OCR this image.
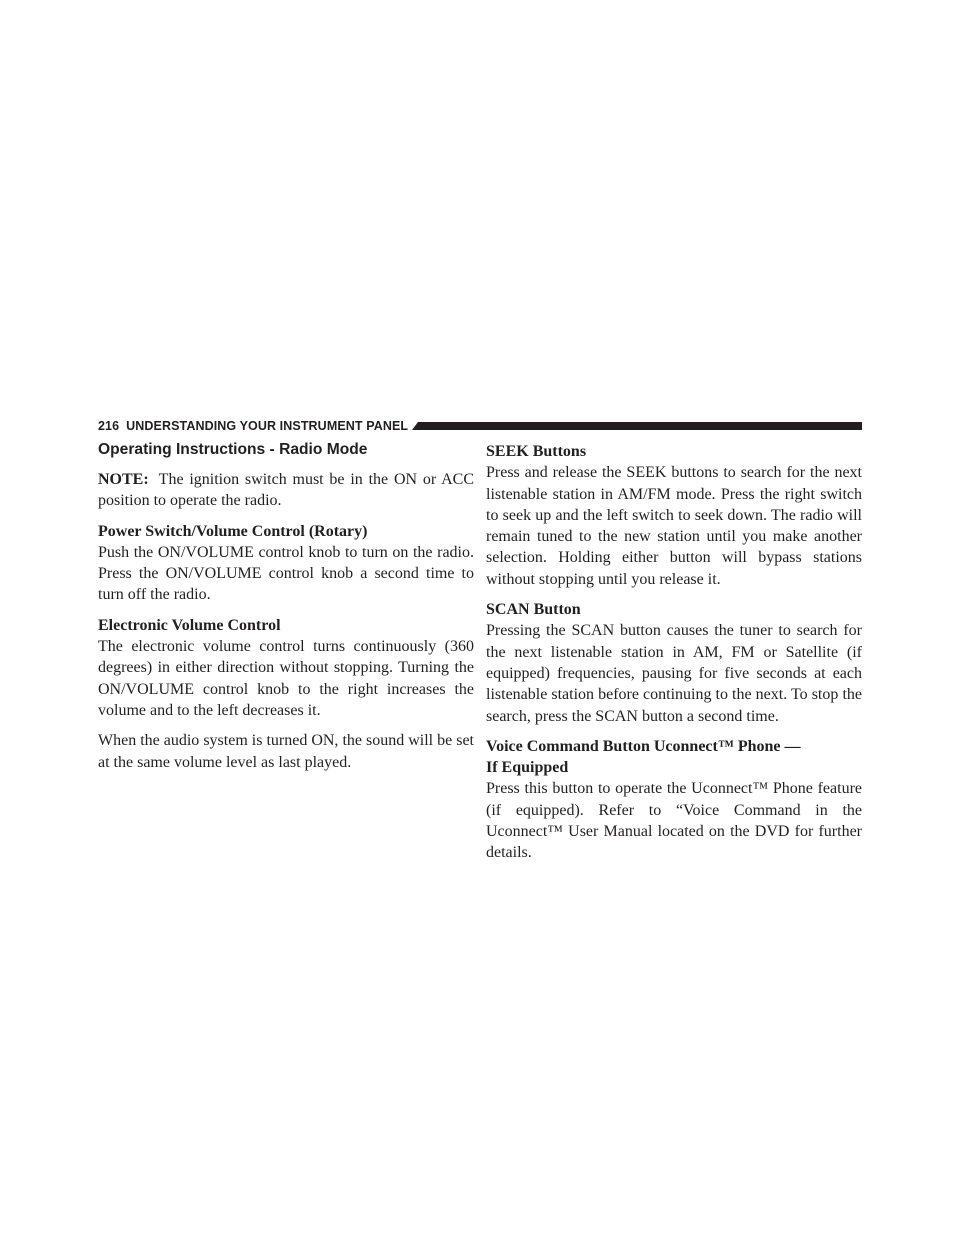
216 UNDERSTANDING YOUR INSTRUMENT PANEL
Operating Instructions - Radio Mode

NOTE: The ignition switch must be in the ON or ACC position to operate the radio.

Power Switch/Volume Control (Rotary)
Push the ON/VOLUME control knob to turn on the radio. Press the ON/VOLUME control knob a second time to turn off the radio.

Electronic Volume Control
The electronic volume control turns continuously (360 degrees) in either direction without stopping. Turning the ON/VOLUME control knob to the right increases the volume and to the left decreases it.

When the audio system is turned ON, the sound will be set at the same volume level as last played.

SEEK Buttons
Press and release the SEEK buttons to search for the next listenable station in AM/FM mode. Press the right switch to seek up and the left switch to seek down. The radio will remain tuned to the new station until you make another selection. Holding either button will bypass stations without stopping until you release it.

SCAN Button
Pressing the SCAN button causes the tuner to search for the next listenable station in AM, FM or Satellite (if equipped) frequencies, pausing for five seconds at each listenable station before continuing to the next. To stop the search, press the SCAN button a second time.

Voice Command Button Uconnect™ Phone —
If Equipped
Press this button to operate the Uconnect™ Phone feature (if equipped). Refer to “Voice Command in the Uconnect™ User Manual located on the DVD for further details.
